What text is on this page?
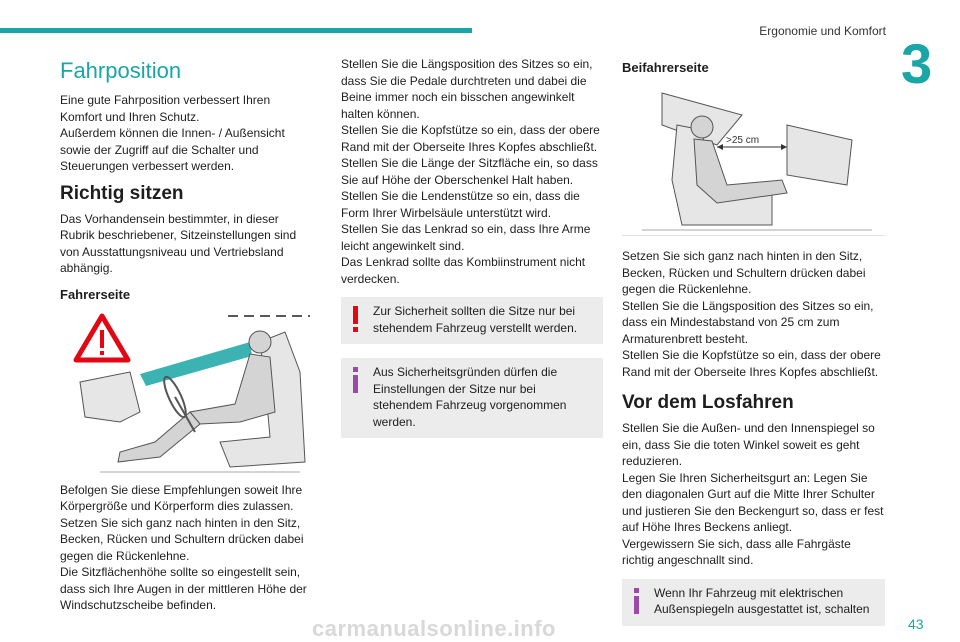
Ergonomie und Komfort
3
Fahrposition

Eine gute Fahrposition verbessert Ihren Komfort und Ihren Schutz.
Außerdem können die Innen- / Außensicht sowie der Zugriff auf die Schalter und Steuerungen verbessert werden.

Richtig sitzen

Das Vorhandensein bestimmter, in dieser Rubrik beschriebener, Sitzeinstellungen sind von Ausstattungsniveau und Vertriebsland abhängig.

Fahrerseite

Befolgen Sie diese Empfehlungen soweit Ihre Körpergröße und Körperform dies zulassen.
Setzen Sie sich ganz nach hinten in den Sitz, Becken, Rücken und Schultern drücken dabei gegen die Rückenlehne.
Die Sitzflächenhöhe sollte so eingestellt sein, dass sich Ihre Augen in der mittleren Höhe der Windschutzscheibe befinden.

Stellen Sie die Längsposition des Sitzes so ein, dass Sie die Pedale durchtreten und dabei die Beine immer noch ein bisschen angewinkelt halten können.
Stellen Sie die Kopfstütze so ein, dass der obere Rand mit der Oberseite Ihres Kopfes abschließt.
Stellen Sie die Länge der Sitzfläche ein, so dass Sie auf Höhe der Oberschenkel Halt haben.
Stellen Sie die Lendenstütze so ein, dass die Form Ihrer Wirbelsäule unterstützt wird.
Stellen Sie das Lenkrad so ein, dass Ihre Arme leicht angewinkelt sind.
Das Lenkrad sollte das Kombiinstrument nicht verdecken.

Zur Sicherheit sollten die Sitze nur bei stehendem Fahrzeug verstellt werden.
Aus Sicherheitsgründen dürfen die Einstellungen der Sitze nur bei stehendem Fahrzeug vorgenommen werden.
Beifahrerseite
>25 cm

Setzen Sie sich ganz nach hinten in den Sitz, Becken, Rücken und Schultern drücken dabei gegen die Rückenlehne.
Stellen Sie die Längsposition des Sitzes so ein, dass ein Mindestabstand von 25 cm zum Armaturenbrett besteht.
Stellen Sie die Kopfstütze so ein, dass der obere Rand mit der Oberseite Ihres Kopfes abschließt.

Vor dem Losfahren

Stellen Sie die Außen- und den Innenspiegel so ein, dass Sie die toten Winkel soweit es geht reduzieren.
Legen Sie Ihren Sicherheitsgurt an: Legen Sie den diagonalen Gurt auf die Mitte Ihrer Schulter und justieren Sie den Beckengurt so, dass er fest auf Höhe Ihres Beckens anliegt.
Vergewissern Sie sich, dass alle Fahrgäste richtig angeschnallt sind.

Wenn Ihr Fahrzeug mit elektrischen Außenspiegeln ausgestattet ist, schalten
carmanualsonline.info	43
